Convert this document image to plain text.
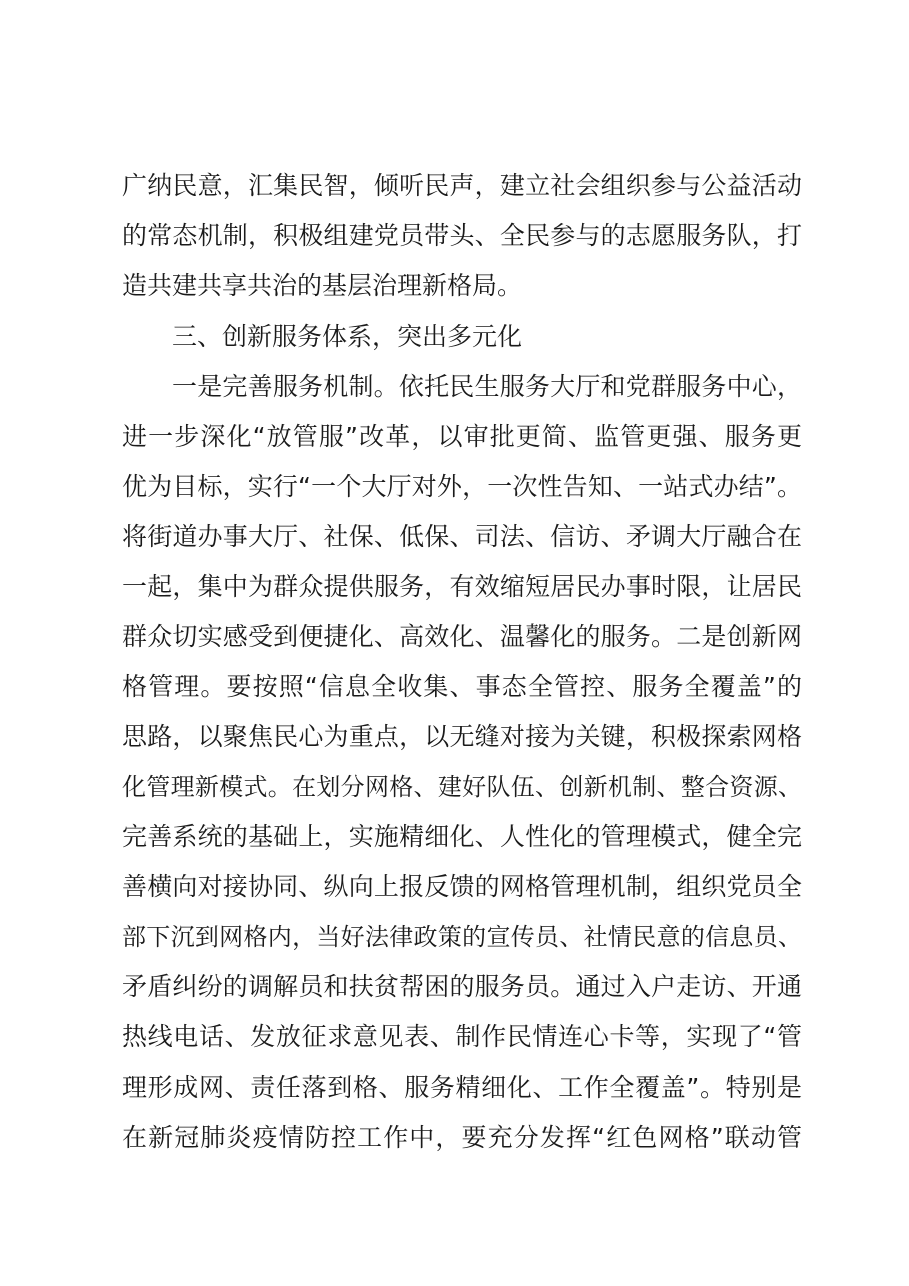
广纳民意，汇集民智，倾听民声，建立社会组织参与公益活动
的常态机制，积极组建党员带头、全民参与的志愿服务队，打
造共建共享共治的基层治理新格局。
三、创新服务体系，突出多元化
一是完善服务机制。依托民生服务大厅和党群服务中心，
进一步深化“放管服”改革，以审批更简、监管更强、服务更
优为目标，实行“一个大厅对外，一次性告知、一站式办结”。
将街道办事大厅、社保、低保、司法、信访、矛调大厅融合在
一起，集中为群众提供服务，有效缩短居民办事时限，让居民
群众切实感受到便捷化、高效化、温馨化的服务。二是创新网
格管理。要按照“信息全收集、事态全管控、服务全覆盖”的
思路，以聚焦民心为重点，以无缝对接为关键，积极探索网格
化管理新模式。在划分网格、建好队伍、创新机制、整合资源、
完善系统的基础上，实施精细化、人性化的管理模式，健全完
善横向对接协同、纵向上报反馈的网格管理机制，组织党员全
部下沉到网格内，当好法律政策的宣传员、社情民意的信息员、
矛盾纠纷的调解员和扶贫帮困的服务员。通过入户走访、开通
热线电话、发放征求意见表、制作民情连心卡等，实现了“管
理形成网、责任落到格、服务精细化、工作全覆盖”。特别是
在新冠肺炎疫情防控工作中，要充分发挥“红色网格”联动管
